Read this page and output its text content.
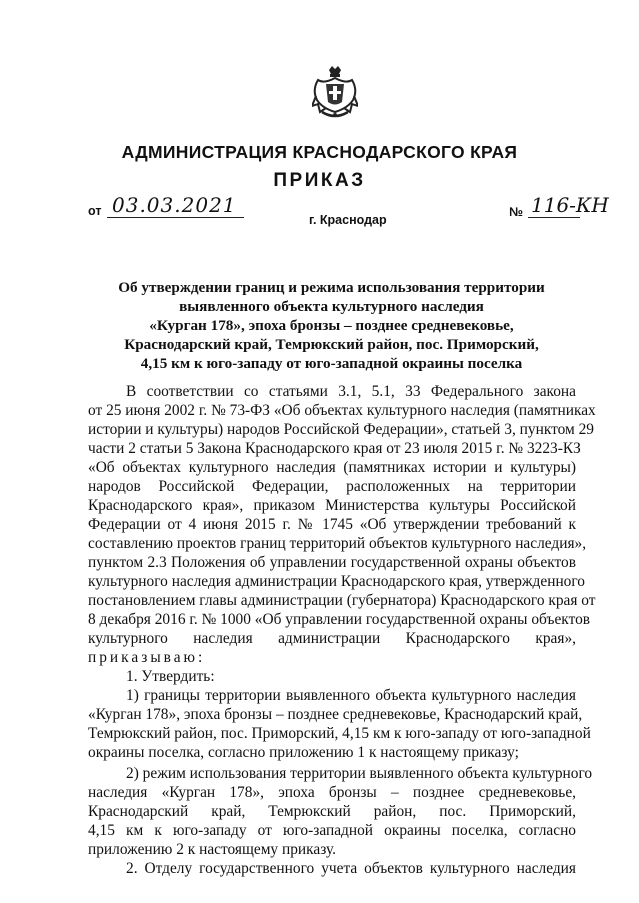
АДМИНИСТРАЦИЯ КРАСНОДАРСКОГО КРАЯ
ПРИКАЗ
от 03.03.2021
г. Краснодар
№ 116-КН
Об утверждении границ и режима использования территории
выявленного объекта культурного наследия
«Курган 178», эпоха бронзы – позднее средневековье,
Краснодарский край, Темрюкский район, пос. Приморский,
4,15 км к юго-западу от юго-западной окраины поселка
В соответствии со статьями 3.1, 5.1, 33 Федерального закона
от 25 июня 2002 г. № 73-ФЗ «Об объектах культурного наследия (памятниках
истории и культуры) народов Российской Федерации», статьей 3, пунктом 29
части 2 статьи 5 Закона Краснодарского края от 23 июля 2015 г. № 3223-КЗ
«Об объектах культурного наследия (памятниках истории и культуры)
народов Российской Федерации, расположенных на территории
Краснодарского края», приказом Министерства культуры Российской
Федерации от 4 июня 2015 г. № 1745 «Об утверждении требований к
составлению проектов границ территорий объектов культурного наследия»,
пунктом 2.3 Положения об управлении государственной охраны объектов
культурного наследия администрации Краснодарского края, утвержденного
постановлением главы администрации (губернатора) Краснодарского края от
8 декабря 2016 г. № 1000 «Об управлении государственной охраны объектов
культурного наследия администрации Краснодарского края»,
приказываю:
1. Утвердить:
1) границы территории выявленного объекта культурного наследия
«Курган 178», эпоха бронзы – позднее средневековье, Краснодарский край,
Темрюкский район, пос. Приморский, 4,15 км к юго-западу от юго-западной
окраины поселка, согласно приложению 1 к настоящему приказу;
2) режим использования территории выявленного объекта культурного
наследия «Курган 178», эпоха бронзы – позднее средневековье,
Краснодарский край, Темрюкский район, пос. Приморский,
4,15 км к юго-западу от юго-западной окраины поселка, согласно
приложению 2 к настоящему приказу.
2. Отделу государственного учета объектов культурного наследия
